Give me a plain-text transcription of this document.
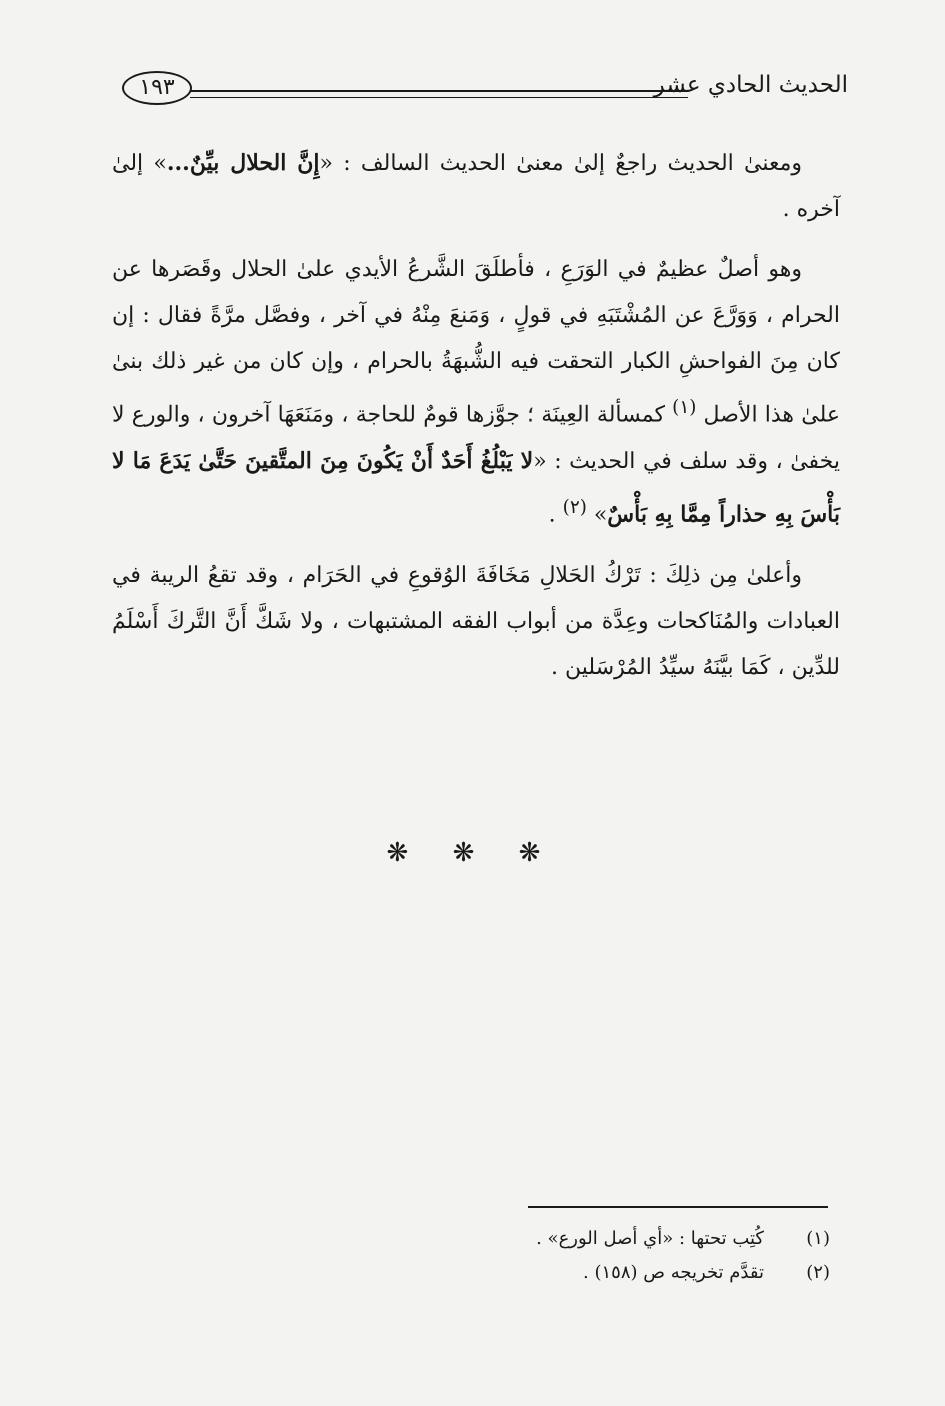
الحديث الحادي عشر
١٩٣

ومعنىٰ الحديث راجعٌ إلىٰ معنىٰ الحديث السالف : «إِنَّ الحلال بيِّنٌ...» إلىٰ آخره .

وهو أصلٌ عظيمٌ في الوَرَعِ ، فأطلَقَ الشَّرعُ الأيدي علىٰ الحلال وقَصَرها عن الحرام ، وَوَرَّعَ عن المُشْتَبَهِ في قولٍ ، وَمَنعَ مِنْهُ في آخر ، وفصَّل مرَّةً فقال : إن كان مِنَ الفواحشِ الكبار التحقت فيه الشُّبهَةُ بالحرام ، وإن كان من غير ذلك بنىٰ علىٰ هذا الأصل $^{(١)}$ كمسألة العِينَة ؛ جوَّزها قومٌ للحاجة ، ومَنَعَهَا آخرون ، والورع لا يخفىٰ ، وقد سلف في الحديث : «لا يَبْلُغُ أَحَدٌ أَنْ يَكُونَ مِنَ المتَّقينَ حَتَّىٰ يَدَعَ مَا لا بَأْسَ بِهِ حذاراً مِمَّا بِهِ بَأْسٌ» $^{(٢)}$ .

وأعلىٰ مِن ذلِكَ : تَرْكُ الحَلالِ مَخَافَةَ الوُقوعِ في الحَرَام ، وقد تقعُ الريبة في العبادات والمُنَاكحات وعِدَّة من أبواب الفقه المشتبهات ، ولا شَكَّ أَنَّ التَّركَ أَسْلَمُ للدِّين ، كَمَا بيَّنَهُ سيِّدُ المُرْسَلين .

❋ ❋ ❋
(١)كُتِب تحتها : «أي أصل الورع» .
(٢)تقدَّم تخريجه ص (١٥٨) .
